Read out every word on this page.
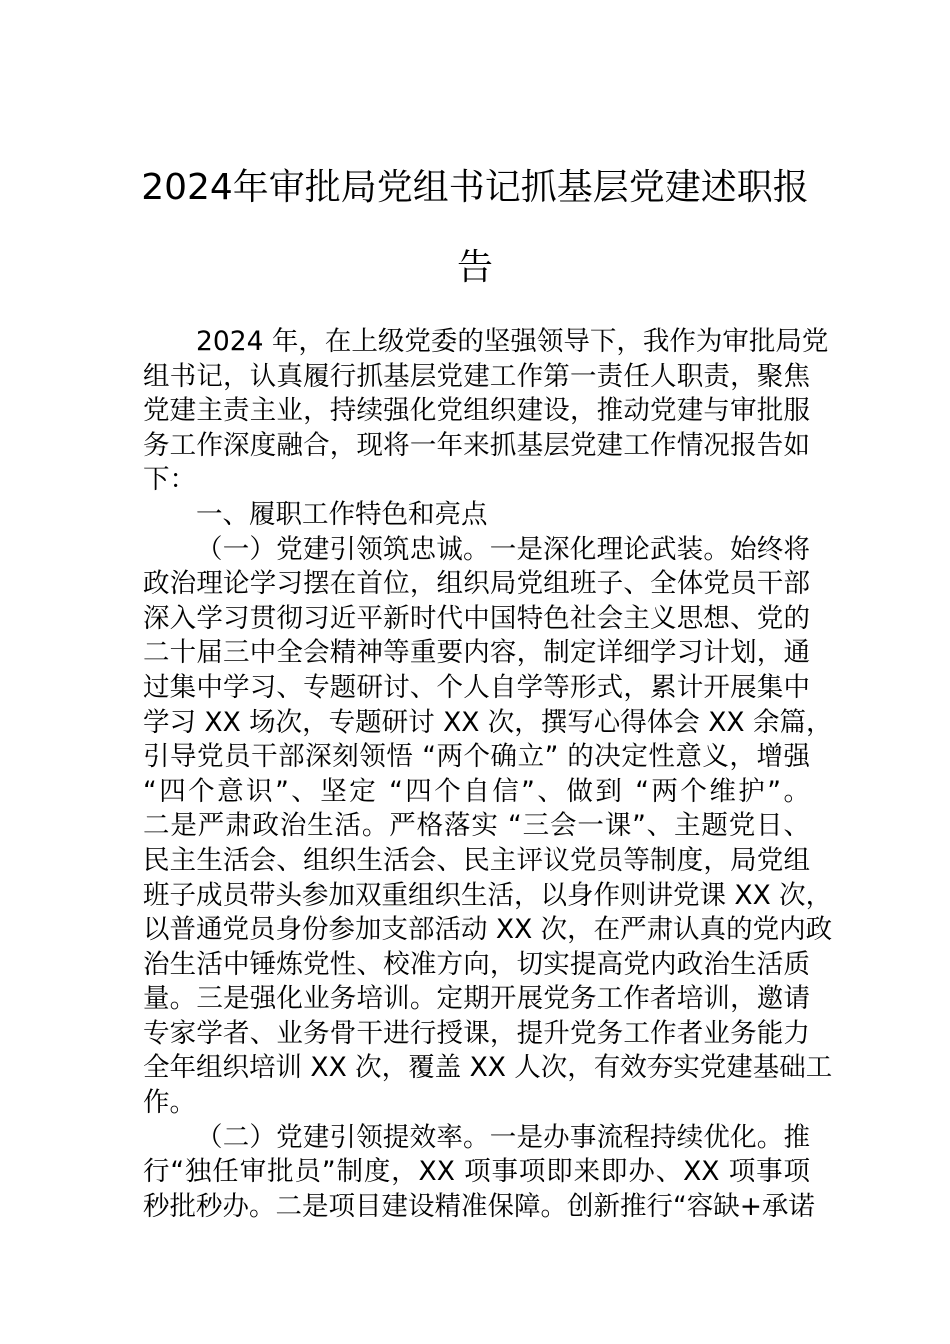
2024年审批局党组书记抓基层党建述职报
告
2024 年，在上级党委的坚强领导下，我作为审批局党
组书记，认真履行抓基层党建工作第一责任人职责，聚焦
党建主责主业，持续强化党组织建设，推动党建与审批服
务工作深度融合，现将一年来抓基层党建工作情况报告如
下：
一、履职工作特色和亮点
（一）党建引领筑忠诚。一是深化理论武装。始终将
政治理论学习摆在首位，组织局党组班子、全体党员干部
深入学习贯彻习近平新时代中国特色社会主义思想、党的
二十届三中全会精神等重要内容，制定详细学习计划，通
过集中学习、专题研讨、个人自学等形式，累计开展集中
学习 XX 场次，专题研讨 XX 次，撰写心得体会 XX 余篇，
引导党员干部深刻领悟 “两个确立” 的决定性意义，增强
“四个意识”、坚定 “四个自信”、做到 “两个维护”。
二是严肃政治生活。严格落实 “三会一课”、主题党日、
民主生活会、组织生活会、民主评议党员等制度，局党组
班子成员带头参加双重组织生活，以身作则讲党课 XX 次，
以普通党员身份参加支部活动 XX 次，在严肃认真的党内政
治生活中锤炼党性、校准方向，切实提高党内政治生活质
量。三是强化业务培训。定期开展党务工作者培训，邀请
专家学者、业务骨干进行授课，提升党务工作者业务能力
全年组织培训 XX 次，覆盖 XX 人次，有效夯实党建基础工
作。
（二）党建引领提效率。一是办事流程持续优化。推
行“独任审批员”制度，XX 项事项即来即办、XX 项事项
秒批秒办。二是项目建设精准保障。创新推行“容缺+承诺
